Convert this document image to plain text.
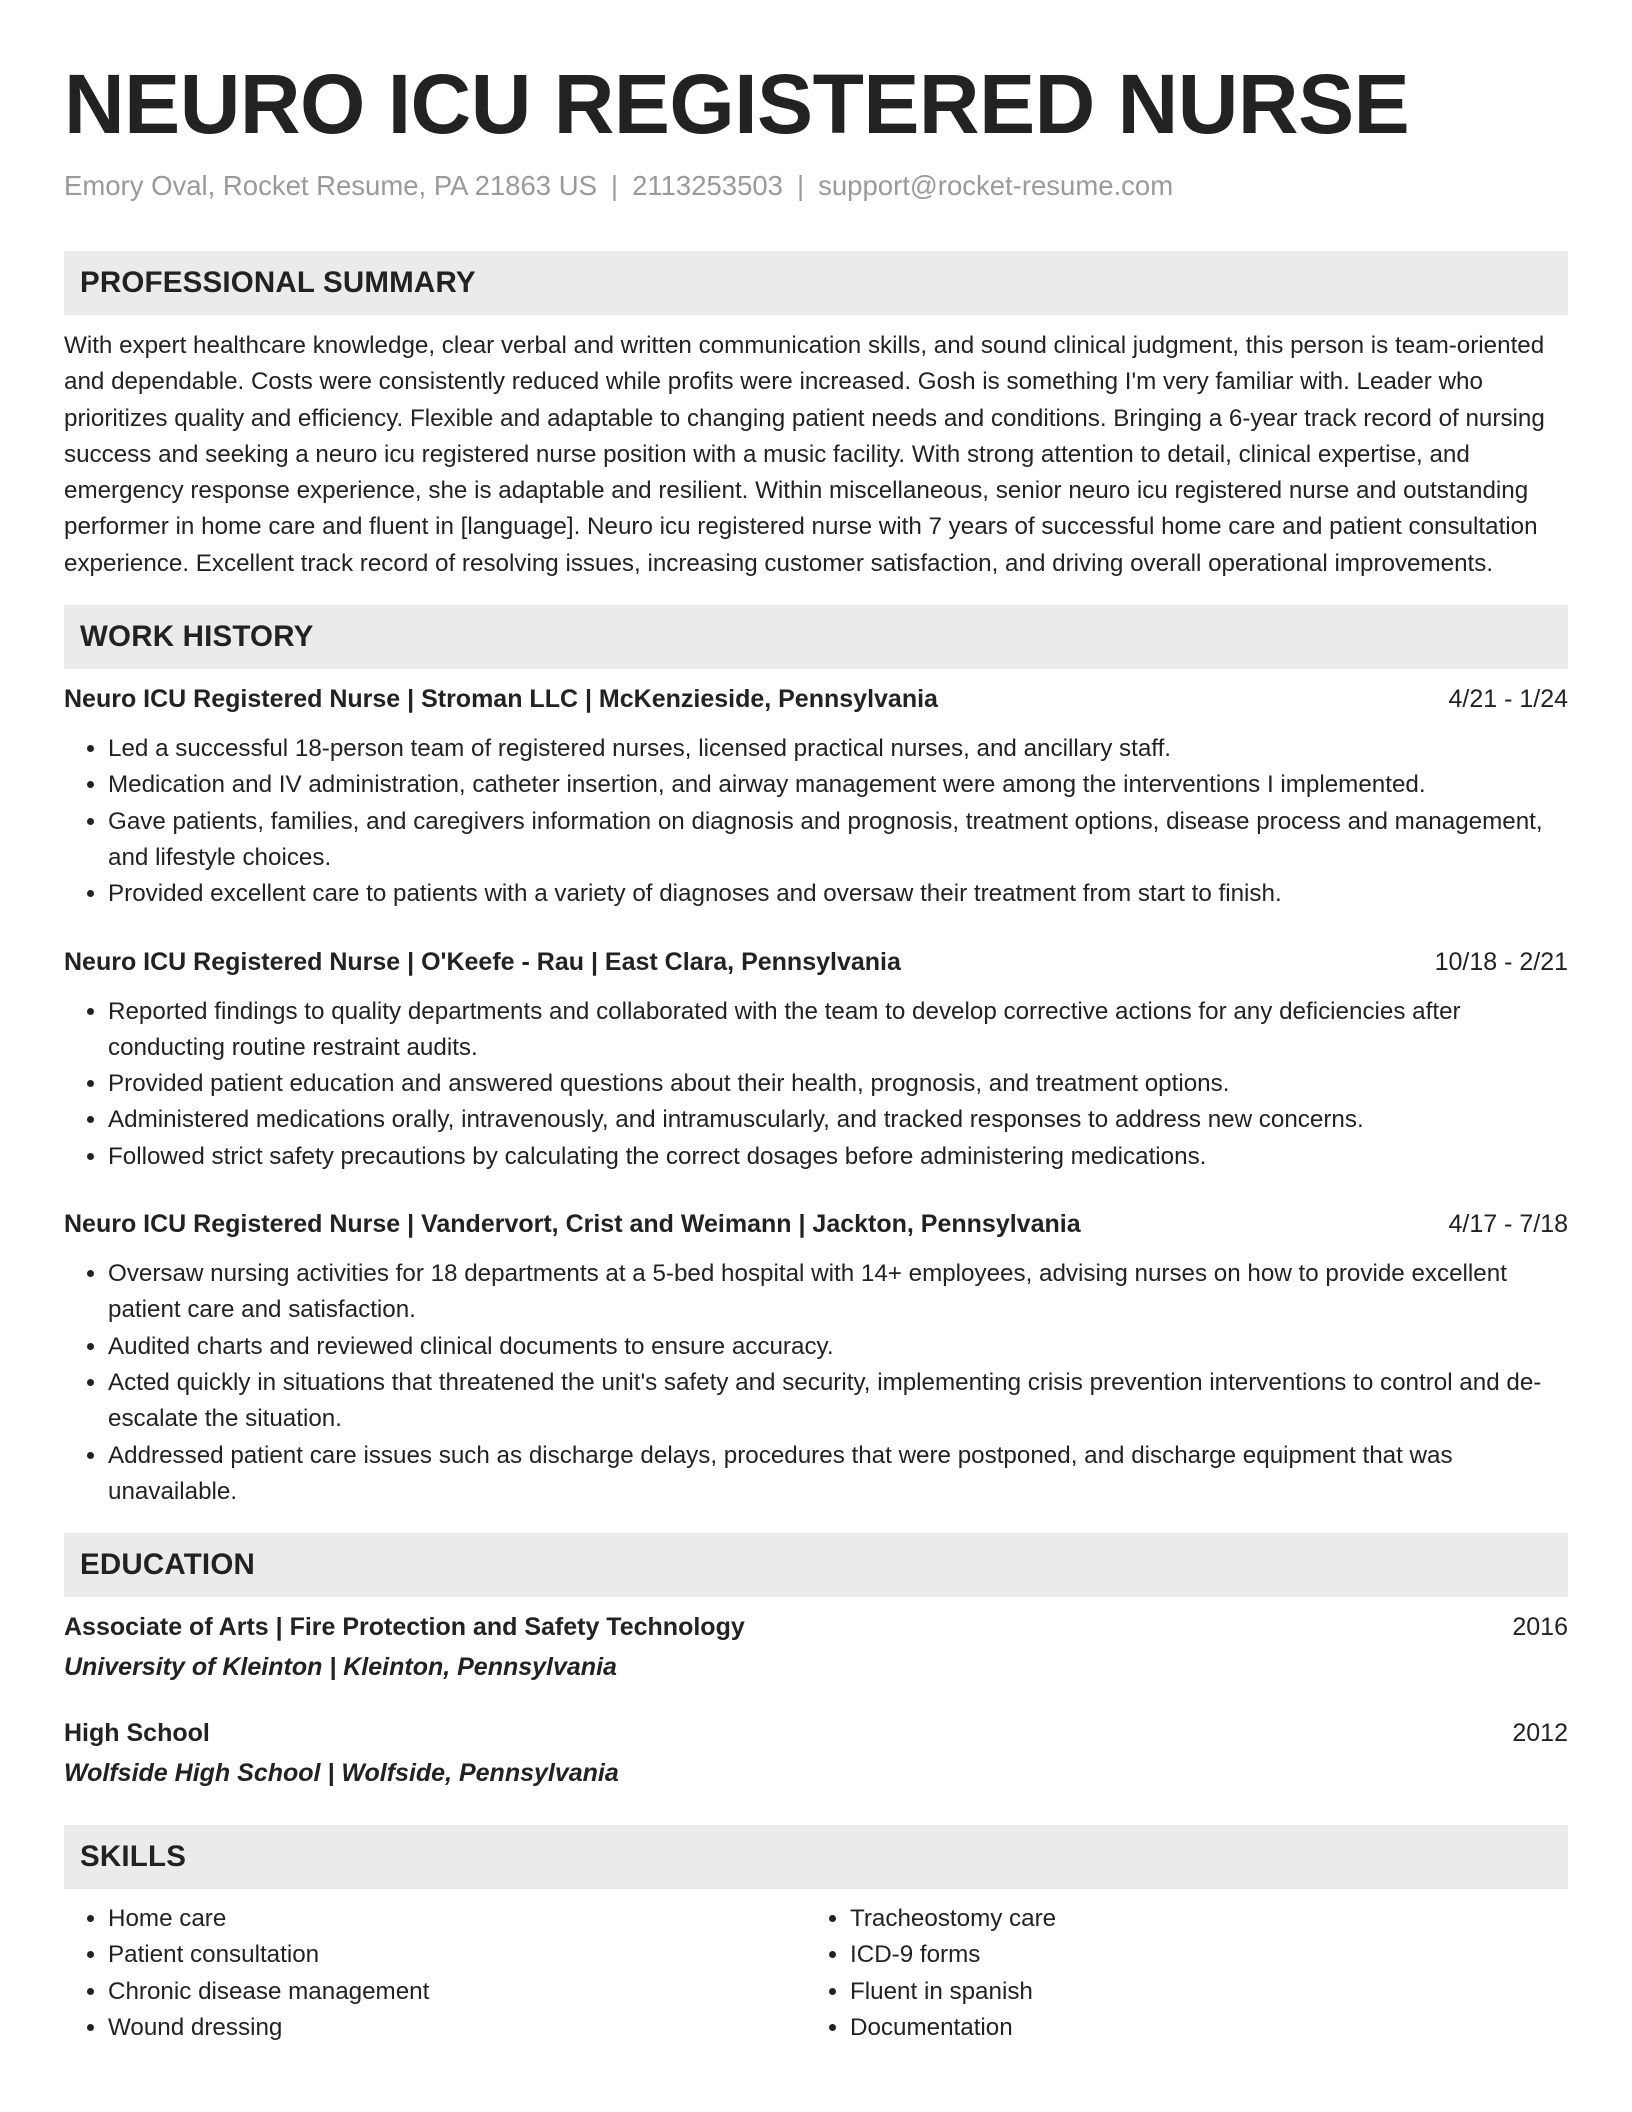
NEURO ICU REGISTERED NURSE
Emory Oval, Rocket Resume, PA 21863 US | 2113253503 | support@rocket-resume.com
PROFESSIONAL SUMMARY

With expert healthcare knowledge, clear verbal and written communication skills, and sound clinical judgment, this person is team-oriented and dependable. Costs were consistently reduced while profits were increased. Gosh is something I'm very familiar with. Leader who prioritizes quality and efficiency. Flexible and adaptable to changing patient needs and conditions. Bringing a 6-year track record of nursing success and seeking a neuro icu registered nurse position with a music facility. With strong attention to detail, clinical expertise, and emergency response experience, she is adaptable and resilient. Within miscellaneous, senior neuro icu registered nurse and outstanding performer in home care and fluent in [language]. Neuro icu registered nurse with 7 years of successful home care and patient consultation experience. Excellent track record of resolving issues, increasing customer satisfaction, and driving overall operational improvements.

WORK HISTORY
Neuro ICU Registered Nurse | Stroman LLC | McKenzieside, Pennsylvania	4/21 - 1/24
• Led a successful 18-person team of registered nurses, licensed practical nurses, and ancillary staff.
• Medication and IV administration, catheter insertion, and airway management were among the interventions I implemented.
• Gave patients, families, and caregivers information on diagnosis and prognosis, treatment options, disease process and management, and lifestyle choices.
• Provided excellent care to patients with a variety of diagnoses and oversaw their treatment from start to finish.
Neuro ICU Registered Nurse | O'Keefe - Rau | East Clara, Pennsylvania	10/18 - 2/21
• Reported findings to quality departments and collaborated with the team to develop corrective actions for any deficiencies after conducting routine restraint audits.
• Provided patient education and answered questions about their health, prognosis, and treatment options.
• Administered medications orally, intravenously, and intramuscularly, and tracked responses to address new concerns.
• Followed strict safety precautions by calculating the correct dosages before administering medications.
Neuro ICU Registered Nurse | Vandervort, Crist and Weimann | Jackton, Pennsylvania	4/17 - 7/18
• Oversaw nursing activities for 18 departments at a 5-bed hospital with 14+ employees, advising nurses on how to provide excellent patient care and satisfaction.
• Audited charts and reviewed clinical documents to ensure accuracy.
• Acted quickly in situations that threatened the unit's safety and security, implementing crisis prevention interventions to control and de-escalate the situation.
• Addressed patient care issues such as discharge delays, procedures that were postponed, and discharge equipment that was unavailable.
EDUCATION
Associate of Arts | Fire Protection and Safety Technology	2016
University of Kleinton | Kleinton, Pennsylvania
High School	2012
Wolfside High School | Wolfside, Pennsylvania
SKILLS
• Home care
• Patient consultation
• Chronic disease management
• Wound dressing
• Tracheostomy care
• ICD-9 forms
• Fluent in spanish
• Documentation
